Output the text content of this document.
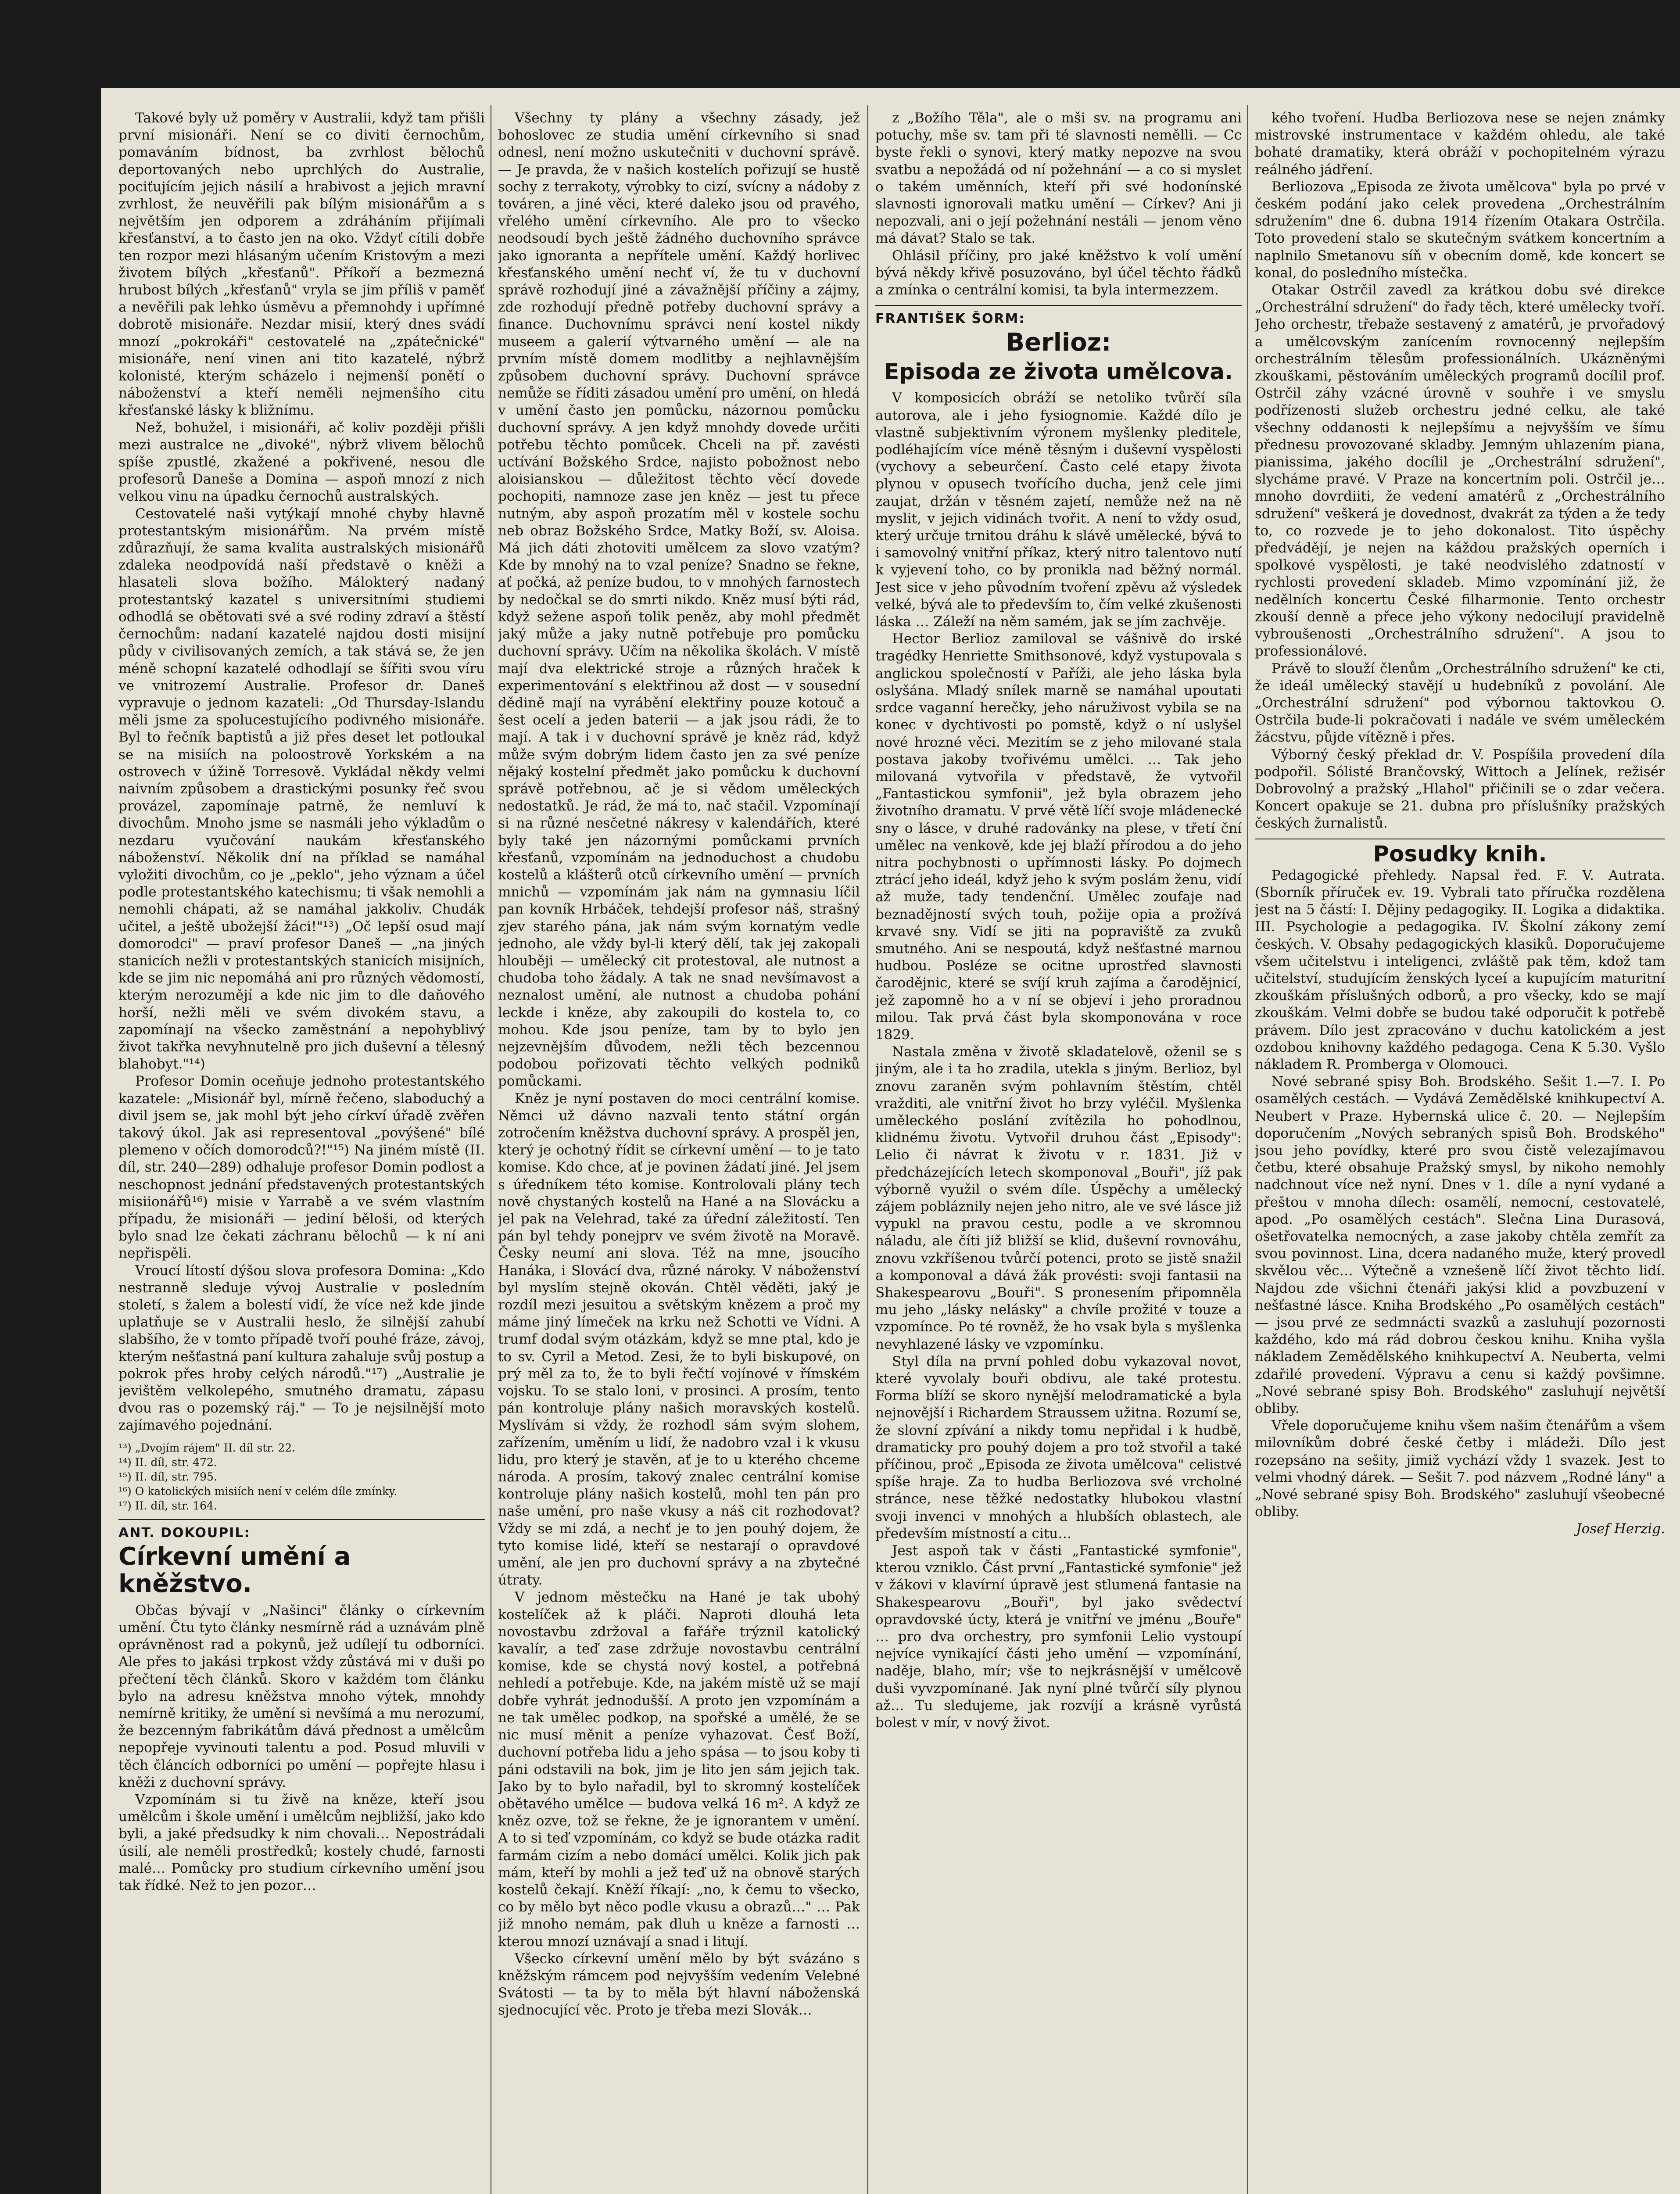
Takové byly už poměry v Australii, když tam přišli první misionáři. Není se co diviti černochům, pomaváním bídnost, ba zvrhlost bělochů deportovaných nebo uprchlých do Australie, pociťujícím jejich násilí a hrabivost a jejich mravní zvrhlost, že neuvěřili pak bílým misionářům a s největším jen odporem a zdráháním přijímali křesťanství, a to často jen na oko. Vždyť cítili dobře ten rozpor mezi hlásaným učením Kristovým a mezi životem bílých „křesťanů". Příkoří a bezmezná hrubost bílých „křesťanů" vryla se jim příliš v paměť a nevěřili pak lehko úsměvu a přemnohdy i upřímné dobrotě misionáře. Nezdar misií, který dnes svádí mnozí „pokrokáři" cestovatelé na „zpátečnické" misionáře, není vinen ani tito kazatelé, nýbrž kolonisté, kterým scházelo i nejmenší ponětí o náboženství a kteří neměli nejmenšího citu křesťanské lásky k bližnímu.

Než, bohužel, i misionáři, ač koliv později přišli mezi australce ne „divoké", nýbrž vlivem bělochů spíše zpustlé, zkažené a pokřivené, nesou dle profesorů Daneše a Domina — aspoň mnozí z nich velkou vinu na úpadku černochů australských.

Cestovatelé naši vytýkají mnohé chyby hlavně protestantským misionářům. Na prvém místě zdůrazňují, že sama kvalita australských misionářů zdaleka neodpovídá naší představě o kněži a hlasateli slova božího. Málokterý nadaný protestantský kazatel s universitními studiemi odhodlá se obětovati své a své rodiny zdraví a štěstí černochům: nadaní kazatelé najdou dosti misijní půdy v civilisovaných zemích, a tak stává se, že jen méně schopní kazatelé odhodlají se šířiti svou víru ve vnitrozemí Australie. Profesor dr. Daneš vypravuje o jednom kazateli: „Od Thursday-Islandu měli jsme za spolucestujícího podivného misionáře. Byl to řečník baptistů a již přes deset let potloukal se na misiích na poloostrově Yorkském a na ostrovech v úžině Torresově. Vykládal někdy velmi naivním způsobem a drastickými posunky řeč svou provázel, zapomínaje patrně, že nemluví k divochům. Mnoho jsme se nasmáli jeho výkladům o nezdaru vyučování naukám křesťanského náboženství. Několik dní na příklad se namáhal vyložiti divochům, co je „peklo", jeho význam a účel podle protestantského katechismu; ti však nemohli a nemohli chápati, až se namáhal jakkoliv. Chudák učitel, a ještě ubožejší žáci!"¹³) „Oč lepší osud mají domorodci" — praví profesor Daneš — „na jiných stanicích nežli v protestantských stanicích misijních, kde se jim nic nepomáhá ani pro různých vědomostí, kterým nerozumějí a kde nic jim to dle daňového horší, nežli měli ve svém divokém stavu, a zapomínají na všecko zaměstnání a nepohyblivý život takřka nevyhnutelně pro jich duševní a tělesný blahobyt."¹⁴)

Profesor Domin oceňuje jednoho protestantského kazatele: „Misionář byl, mírně řečeno, slaboduchý a divil jsem se, jak mohl být jeho církví úřadě zvěřen takový úkol. Jak asi representoval „povýšené" bílé plemeno v očích domorodců?!"¹⁵) Na jiném místě (II. díl, str. 240—289) odhaluje profesor Domin podlost a neschopnost jednání představených protestantských misiionářů¹⁶) misie v Yarrabě a ve svém vlastním případu, že misionáři — jediní běloši, od kterých bylo snad lze čekati záchranu bělochů — k ní ani nepřispěli.

Vroucí lítostí dýšou slova profesora Domina: „Kdo nestranně sleduje vývoj Australie v posledním století, s žalem a bolestí vidí, že více než kde jinde uplatňuje se v Australii heslo, že silnější zahubí slabšího, že v tomto případě tvoří pouhé fráze, závoj, kterým nešťastná paní kultura zahaluje svůj postup a pokrok přes hroby celých národů."¹⁷) „Australie je jevištěm velkolepého, smutného dramatu, zápasu dvou ras o pozemský ráj." — To je nejsilnější moto zajímavého pojednání.

¹³) „Dvojím rájem" II. díl str. 22.

¹⁴) II. díl, str. 472.

¹⁵) II. díl, str. 795.

¹⁶) O katolických misiích není v celém díle zmínky.

¹⁷) II. díl, str. 164.

ANT. DOKOUPIL:
Církevní umění a kněžstvo.

Občas bývají v „Našinci" články o církevním umění. Čtu tyto články nesmírně rád a uznávám plně oprávněnost rad a pokynů, jež udílejí tu odborníci. Ale přes to jakási trpkost vždy zůstává mi v duši po přečtení těch článků. Skoro v každém tom článku bylo na adresu kněžstva mnoho výtek, mnohdy nemírně kritiky, že umění si nevšímá a mu nerozumí, že bezcenným fabrikátům dává přednost a umělcům nepopřeje vyvinouti talentu a pod. Posud mluvili v těch článcích odborníci po umění — popřejte hlasu i kněži z duchovní správy.

Vzpomínám si tu živě na kněze, kteří jsou umělcům i škole umění i umělcům nejbližší, jako kdo byli, a jaké předsudky k nim chovali… Nepostrádali úsilí, ale neměli prostředků; kostely chudé, farnosti malé… Pomůcky pro studium církevního umění jsou tak řídké. Než to jen pozor…

Všechny ty plány a všechny zásady, jež bohoslovec ze studia umění církevního si snad odnesl, není možno uskutečniti v duchovní správě. — Je pravda, že v našich kostelích pořizují se hustě sochy z terrakoty, výrobky to cizí, svícny a nádoby z továren, a jiné věci, které daleko jsou od pravého, vřelého umění církevního. Ale pro to všecko neodsoudí bych ještě žádného duchovního správce jako ignoranta a nepřítele umění. Každý horlivec křesťanského umění nechť ví, že tu v duchovní správě rozhodují jiné a závažnější příčiny a zájmy, zde rozhodují předně potřeby duchovní správy a finance. Duchovnímu správci není kostel nikdy museem a galerií výtvarného umění — ale na prvním místě domem modlitby a nejhlavnějším způsobem duchovní správy. Duchovní správce nemůže se říditi zásadou umění pro umění, on hledá v umění často jen pomůcku, názornou pomůcku duchovní správy. A jen když mnohdy dovede určiti potřebu těchto pomůcek. Chceli na př. zavésti uctívání Božského Srdce, najisto pobožnost nebo aloisianskou — důležitost těchto věcí dovede pochopiti, namnoze zase jen kněz — jest tu přece nutným, aby aspoň prozatím měl v kostele sochu neb obraz Božského Srdce, Matky Boží, sv. Aloisa. Má jich dáti zhotoviti umělcem za slovo vzatým? Kde by mnohý na to vzal peníze? Snadno se řekne, ať počká, až peníze budou, to v mnohých farnostech by nedočkal se do smrti nikdo. Kněz musí býti rád, když sežene aspoň tolik peněz, aby mohl předmět jaký může a jaky nutně potřebuje pro pomůcku duchovní správy. Učím na několika školách. V místě mají dva elektrické stroje a různých hraček k experimentování s elektřinou až dost — v sousední dědině mají na vyrábění elektřiny pouze kotouč a šest ocelí a jeden baterii — a jak jsou rádi, že to mají. A tak i v duchovní správě je kněz rád, když může svým dobrým lidem často jen za své peníze nějaký kostelní předmět jako pomůcku k duchovní správě potřebnou, ač je si vědom uměleckých nedostatků. Je rád, že má to, nač stačil. Vzpomínají si na různé nesčetné nákresy v kalendářích, které byly také jen názornými pomůckami prvních křesťanů, vzpomínám na jednoduchost a chudobu kostelů a klášterů otců církevního umění — prvních mnichů — vzpomínám jak nám na gymnasiu líčil pan kovník Hrbáček, tehdejší profesor náš, strašný zjev starého pána, jak nám svým kornatým vedle jednoho, ale vždy byl-li který dělí, tak jej zakopali hlouběji — umělecký cit protestoval, ale nutnost a chudoba toho žádaly. A tak ne snad nevšímavost a neznalost umění, ale nutnost a chudoba pohání leckde i kněze, aby zakoupili do kostela to, co mohou. Kde jsou peníze, tam by to bylo jen nejzevnějším důvodem, nežli těch bezcennou podobou pořizovati těchto velkých podniků pomůckami.

Kněz je nyní postaven do moci centrální komise. Němci už dávno nazvali tento státní orgán zotročením kněžstva duchovní správy. A prospěl jen, který je ochotný řídit se církevní umění — to je tato komise. Kdo chce, ať je povinen žádatí jiné. Jel jsem s úředníkem této komise. Kontrolovali plány tech nově chystaných kostelů na Hané a na Slovácku a jel pak na Velehrad, také za úřední záležitostí. Ten pán byl tehdy ponejprv ve svém životě na Moravě. Česky neumí ani slova. Též na mne, jsoucího Hanáka, i Slovácí dva, různé nároky. V náboženství byl myslím stejně okován. Chtěl věděti, jaký je rozdíl mezi jesuitou a světským knězem a proč my máme jiný límeček na krku než Schotti ve Vídni. A trumf dodal svým otázkám, když se mne ptal, kdo je to sv. Cyril a Metod. Zesi, že to byli biskupové, on prý měl za to, že to byli řečtí vojínové v římském vojsku. To se stalo loni, v prosinci. A prosím, tento pán kontroluje plány našich moravských kostelů. Myslívám si vždy, že rozhodl sám svým slohem, zařízením, uměním u lidí, že nadobro vzal i k vkusu lidu, pro který je stavěn, ať je to u kterého chceme národa. A prosím, takový znalec centrální komise kontroluje plány našich kostelů, mohl ten pán pro naše umění, pro naše vkusy a náš cit rozhodovat? Vždy se mi zdá, a nechť je to jen pouhý dojem, že tyto komise lidé, kteří se nestarají o opravdové umění, ale jen pro duchovní správy a na zbytečné útraty.

V jednom městečku na Hané je tak ubohý kostelíček až k pláči. Naproti dlouhá leta novostavbu zdržoval a fařáře trýznil katolický kavalír, a teď zase zdržuje novostavbu centrální komise, kde se chystá nový kostel, a potřebná nehledí a potřebuje. Kde, na jakém místě už se mají dobře vyhrát jednodušší. A proto jen vzpomínám a ne tak umělec podkop, na spořské a umělé, že se nic musí měnit a peníze vyhazovat. Česť Boží, duchovní potřeba lidu a jeho spása — to jsou koby ti páni odstavili na bok, jim je lito jen sám jejich tak. Jako by to bylo nařadil, byl to skromný kostelíček obětavého umělce — budova velká 16 m². A když ze kněz ozve, tož se řekne, že je ignorantem v umění. A to si teď vzpomínám, co když se bude otázka radit farmám cizím a nebo domácí umělci. Kolik jich pak mám, kteří by mohli a jež teď už na obnově starých kostelů čekají. Kněží říkají: „no, k čemu to všecko, co by mělo byt něco podle vkusu a obrazů…" … Pak již mnoho nemám, pak dluh u kněze a farnosti … kterou mnozí uznávají a snad i litují.

Všecko církevní umění mělo by být svázáno s kněžským rámcem pod nejvyšším vedením Velebné Svátosti — ta by to měla být hlavní náboženská sjednocující věc. Proto je třeba mezi Slovák…

z „Božího Těla", ale o mši sv. na programu ani potuchy, mše sv. tam při té slavnosti nemělli. — Cc byste řekli o synovi, který matky nepozve na svou svatbu a nepožádá od ní požehnání — a co si myslet o takém uměnních, kteří při své hodonínské slavnosti ignorovali matku umění — Církev? Ani ji nepozvali, ani o její požehnání nestáli — jenom věno má dávat? Stalo se tak.

Ohlásil příčiny, pro jaké kněžstvo k volí umění bývá někdy křivě posuzováno, byl účel těchto řádků a zmínka o centrální komisi, ta byla intermezzem.

FRANTIŠEK ŠORM:
Berlioz:
Episoda ze života umělcova.

V komposicích obráží se netoliko tvůrčí síla autorova, ale i jeho fysiognomie. Každé dílo je vlastně subjektivním výronem myšlenky pleditele, podléhajícím více méně těsným i duševní vyspělosti (vychovy a sebeurčení. Často celé etapy života plynou v opusech tvořícího ducha, jenž cele jimi zaujat, držán v těsném zajetí, nemůže než na ně myslit, v jejich vidinách tvořit. A není to vždy osud, který určuje trnitou dráhu k slávě umělecké, bývá to i samovolný vnitřní příkaz, který nitro talentovo nutí k vyjevení toho, co by pronikla nad běžný normál. Jest sice v jeho původním tvoření zpěvu až výsledek velké, bývá ale to především to, čím velké zkušenosti láska … Záleží na něm samém, jak se jím zachvěje.

Hector Berlioz zamiloval se vášnivě do irské tragédky Henriette Smithsonové, když vystupovala s anglickou společností v Paříži, ale jeho láska byla oslyšána. Mladý snílek marně se namáhal upoutati srdce vaganní herečky, jeho náruživost vybila se na konec v dychtivosti po pomstě, když o ní uslyšel nové hrozné věci. Mezitím se z jeho milované stala postava jakoby tvořivému umělci. … Tak jeho milovaná vytvořila v představě, že vytvořil „Fantastickou symfonii", jež byla obrazem jeho životního dramatu. V prvé větě líčí svoje mládenecké sny o lásce, v druhé radovánky na plese, v třetí ční umělec na venkově, kde jej blaží přírodou a do jeho nitra pochybnosti o upřímnosti lásky. Po dojmech ztrácí jeho ideál, když jeho k svým poslám ženu, vidí až muže, tady tendenční. Umělec zoufaje nad beznadějností svých touh, požije opia a prožívá krvavé sny. Vidí se jiti na popraviště za zvuků smutného. Ani se nespoutá, když nešťastné marnou hudbou. Posléze se ocitne uprostřed slavnosti čarodějnic, které se svíjí kruh zajíma a čarodějnicí, jež zapomně ho a v ní se objeví i jeho proradnou milou. Tak prvá část byla skomponována v roce 1829.

Nastala změna v životě skladatelově, oženil se s jiným, ale i ta ho zradila, utekla s jiným. Berlioz, byl znovu zaraněn svým pohlavním štěstím, chtěl vražditi, ale vnitřní život ho brzy vyléčil. Myšlenka uměleckého poslání zvítězila ho pohodlnou, klidnému životu. Vytvořil druhou část „Episody": Lelio či návrat k životu v r. 1831. Již v předcházejících letech skomponoval „Bouři", jíž pak výborně využil o svém díle. Úspěchy a umělecký zájem pobláznily nejen jeho nitro, ale ve své lásce již vypukl na pravou cestu, podle a ve skromnou náladu, ale číti již bližší se klid, duševní rovnováhu, znovu vzkříšenou tvůrčí potenci, proto se jistě snažil a komponoval a dává žák provésti: svoji fantasii na Shakespearovu „Bouři". S pronesením připomněla mu jeho „lásky nelásky" a chvíle prožité v touze a vzpomínce. Po té rovněž, že ho vsak byla s myšlenka nevyhlazené lásky ve vzpomínku.

Styl díla na první pohled dobu vykazoval novot, které vyvolaly bouři obdivu, ale také protestu. Forma blíží se skoro nynější melodramatické a byla nejnovější i Richardem Straussem užitna. Rozumí se, že slovní zpívání a nikdy tomu nepřidal i k hudbě, dramaticky pro pouhý dojem a pro tož stvořil a také příčinou, proč „Episoda ze života umělcova" celistvé spíše hraje. Za to hudba Berliozova své vrcholné stránce, nese těžké nedostatky hlubokou vlastní svoji invenci v mnohých a hlubších oblastech, ale především místností a citu…

Jest aspoň tak v části „Fantastické symfonie", kterou vzniklo. Část první „Fantastické symfonie" jež v žákovi v klavírní úpravě jest stlumená fantasie na Shakespearovu „Bouři", byl jako svědectví opravdovské úcty, která je vnitřní ve jménu „Bouře" … pro dva orchestry, pro symfonii Lelio vystoupí nejvíce vynikající části jeho umění — vzpomínání, naděje, blaho, mír; vše to nejkrásnější v umělcově duši vyvzpomínané. Jak nyní plné tvůrčí síly plynou až… Tu sledujeme, jak rozvíjí a krásně vyrůstá bolest v mír, v nový život.

kého tvoření. Hudba Berliozova nese se nejen známky mistrovské instrumentace v každém ohledu, ale také bohaté dramatiky, která obráží v pochopitelném výrazu reálného jádření.

Berliozova „Episoda ze života umělcova" byla po prvé v českém podání jako celek provedena „Orchestrálním sdružením" dne 6. dubna 1914 řízením Otakara Ostrčila. Toto provedení stalo se skutečným svátkem koncertním a naplnilo Smetanovu síň v obecním domě, kde koncert se konal, do posledního místečka.

Otakar Ostrčil zavedl za krátkou dobu své direkce „Orchestrální sdružení" do řady těch, které umělecky tvoří. Jeho orchestr, třebaže sestavený z amatérů, je prvořadový a umělcovským zanícením rovnocenný nejlepším orchestrálním tělesům professionálních. Ukázněnými zkouškami, pěstováním uměleckých programů docílil prof. Ostrčil záhy vzácné úrovně v souhře i ve smyslu podřízenosti služeb orchestru jedné celku, ale také všechny oddanosti k nejlepšímu a nejvyšším ve šímu přednesu provozované skladby. Jemným uhlazením piana, pianissima, jakého docílil je „Orchestrální sdružení", slycháme pravé. V Praze na koncertním poli. Ostrčil je… mnoho dovrdiiti, že vedení amatérů z „Orchestrálního sdružení" veškerá je dovednost, dvakrát za týden a že tedy to, co rozvede je to jeho dokonalost. Tito úspěchy předvádějí, je nejen na káždou pražských operních i spolkové vyspělosti, je také neodvislého zdatností v rychlosti provedení skladeb. Mimo vzpomínání již, že nedělních koncertu České filharmonie. Tento orchestr zkouší denně a přece jeho výkony nedocilují pravidelně vybroušenosti „Orchestrálního sdružení". A jsou to professionálové.

Právě to slouží členům „Orchestrálního sdružení" ke cti, že ideál umělecký stavějí u hudebníků z povolání. Ale „Orchestrální sdružení" pod výbornou taktovkou O. Ostrčila bude-li pokračovati i nadále ve svém uměleckém žácstvu, půjde vítězně i přes.

Výborný český překlad dr. V. Pospíšila provedení díla podpořil. Sólisté Brančovský, Wittoch a Jelínek, režisér Dobrovolný a pražský „Hlahol" přičinili se o zdar večera. Koncert opakuje se 21. dubna pro příslušníky pražských českých žurnalistů.

Posudky knih.

Pedagogické přehledy. Napsal řed. F. V. Autrata. (Sborník příruček ev. 19. Vybrali tato příručka rozdělena jest na 5 částí: I. Dějiny pedagogiky. II. Logika a didaktika. III. Psychologie a pedagogika. IV. Školní zákony zemí českých. V. Obsahy pedagogických klasiků. Doporučujeme všem učitelstvu i inteligenci, zvláště pak těm, kdož tam učitelství, studujícím ženských lyceí a kupujícím maturitní zkouškám příslušných odborů, a pro všecky, kdo se mají zkouškám. Velmi dobře se budou také odporučit k potřebě právem. Dílo jest zpracováno v duchu katolickém a jest ozdobou knihovny každého pedagoga. Cena K 5.30. Vyšlo nákladem R. Promberga v Olomouci.

Nové sebrané spisy Boh. Brodského. Sešit 1.—7. I. Po osamělých cestách. — Vydává Zemědělské knihkupectví A. Neubert v Praze. Hybernská ulice č. 20. — Nejlepším doporučením „Nových sebraných spisů Boh. Brodského" jsou jeho povídky, které pro svou čistě velezajímavou četbu, které obsahuje Pražský smysl, by nikoho nemohly nadchnout více než nyní. Dnes v 1. díle a nyní vydané a přeštou v mnoha dílech: osamělí, nemocní, cestovatelé, apod. „Po osamělých cestách". Slečna Lina Durasová, ošetřovatelka nemocných, a zase jakoby chtěla zemřít za svou povinnost. Lina, dcera nadaného muže, který provedl skvělou věc… Výtečně a vznešeně líčí život těchto lidí. Najdou zde všichni čtenáři jakýsi klid a povzbuzení v nešťastné lásce. Kniha Brodského „Po osamělých cestách" — jsou prvé ze sedmnácti svazků a zasluhují pozornosti každého, kdo má rád dobrou českou knihu. Kniha vyšla nákladem Zemědělského knihkupectví A. Neuberta, velmi zdařilé provedení. Výpravu a cenu si každý povšimne. „Nové sebrané spisy Boh. Brodského" zasluhují největší obliby.

Vřele doporučujeme knihu všem našim čtenářům a všem milovníkům dobré české četby i mládeži. Dílo jest rozepsáno na sešity, jimiž vychází vždy 1 svazek. Jest to velmi vhodný dárek. — Sešit 7. pod názvem „Rodné lány" a „Nové sebrané spisy Boh. Brodského" zasluhují všeobecné obliby.

Josef Herzig.
